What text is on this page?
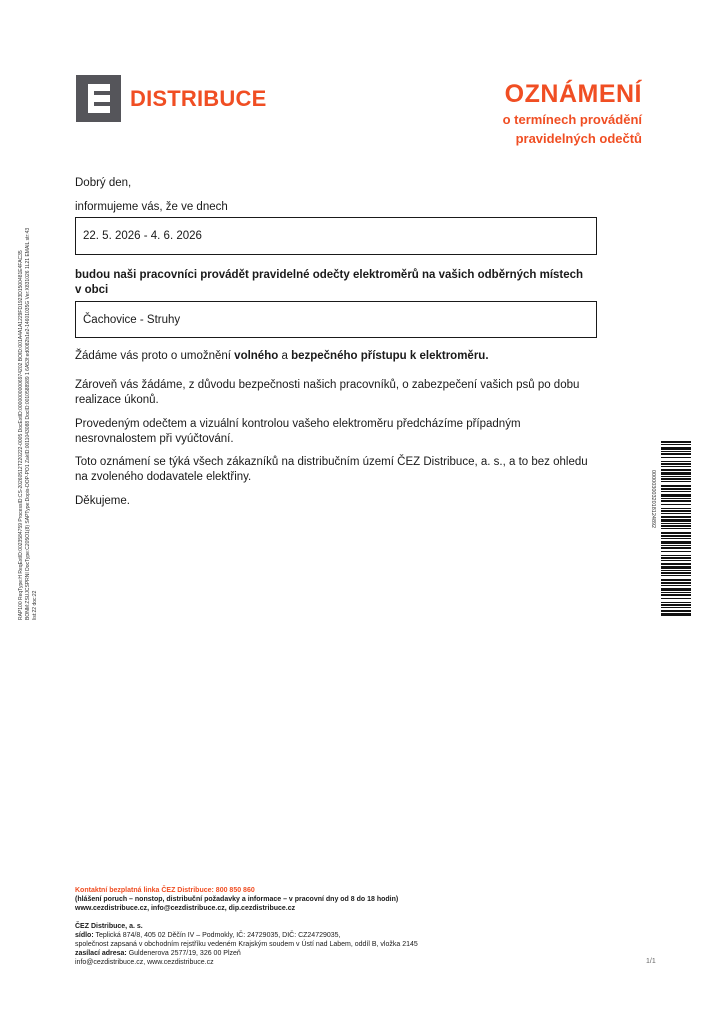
DISTRIBUCE	OZNÁMENÍ
o termínech provádění
pravidelných odečtů
RAP100 ReqType:H ReqExtID:0023584759 ProcessID:CS-20260512T220222-0005 DocExtID:00000000006974202 BOID:001A4A1A1229FD1923D1500481E4FAC35 BONM:ZSUJCSPRNI DocType:C205O1(8) SAPType:Dopis-DOP-PO1 ZakID:0011043088 DocID:0010588989 1 6A53f:ed0082b1e2-14601035G Ver:X831026 1L21 EMAIL str:43 list:22 doc:22
Dobrý den,
informujeme vás, že ve dnech
22. 5. 2026 - 4. 6. 2026
budou naši pracovníci provádět pravidelné odečty elektroměrů na vašich odběrných místech
v obci
Čachovice - Struhy
Žádáme vás proto o umožnění volného a bezpečného přístupu k elektroměru.
Zároveň vás žádáme, z důvodu bezpečnosti našich pracovníků, o zabezpečení vašich psů po dobu
realizace úkonů.
Provedeným odečtem a vizuální kontrolou vašeho elektroměru předcházíme případným
nesrovnalostem při vyúčtování.
Toto oznámení se týká všech zákazníků na distribučním území ČEZ Distribuce, a. s., a to bez ohledu
na zvoleného dodavatele elektřiny.
Děkujeme.	0000030032018124892
Kontaktní bezplatná linka ČEZ Distribuce: 800 850 860
(hlášení poruch – nonstop, distribuční požadavky a informace – v pracovní dny od 8 do 18 hodin)
www.cezdistribuce.cz, info@cezdistribuce.cz, dip.cezdistribuce.cz
ČEZ Distribuce, a. s.
sídlo: Teplická 874/8, 405 02 Děčín IV – Podmokly, IČ: 24729035, DIČ: CZ24729035,
společnost zapsaná v obchodním rejstříku vedeném Krajským soudem v Ústí nad Labem, oddíl B, vložka 2145
zasílací adresa: Guldenerova 2577/19, 326 00 Plzeň
info@cezdistribuce.cz, www.cezdistribuce.cz	1/1
